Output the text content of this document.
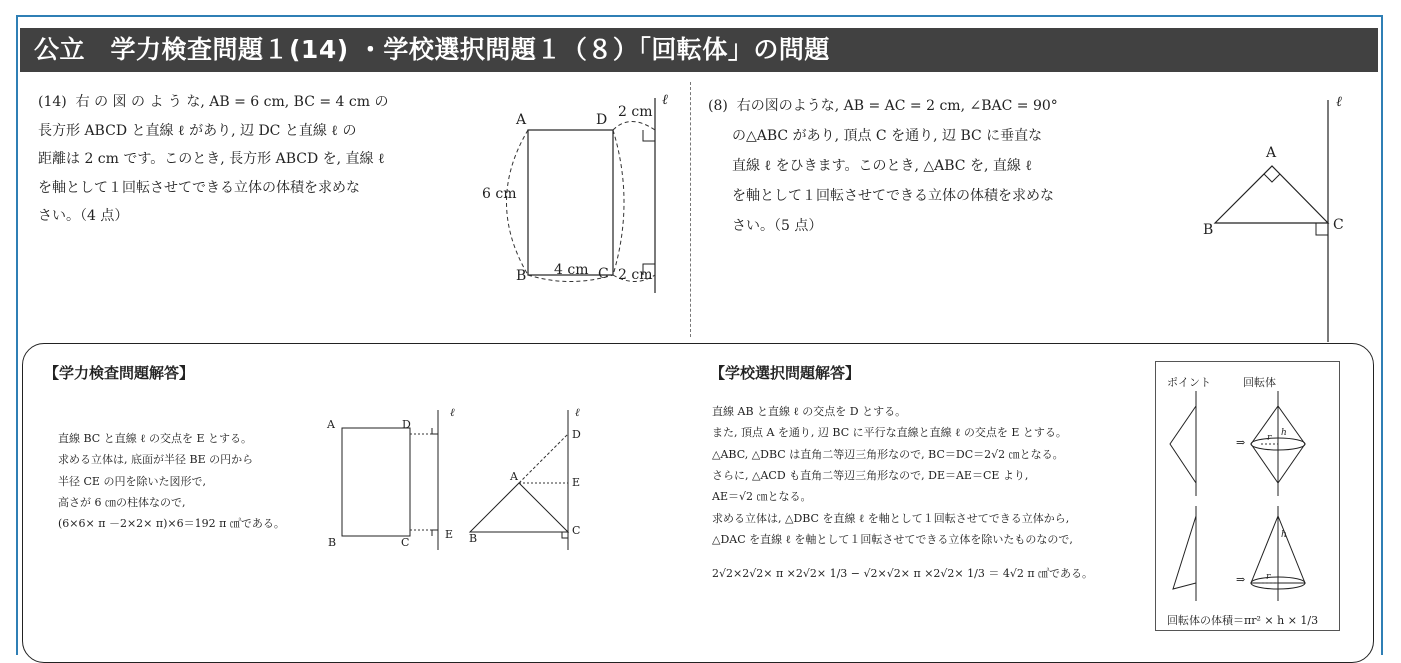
公立　学力検査問題１(14) ・学校選択問題１（８）「回転体」の問題
(14)  右 の 図 の よ う な, AB = 6 cm, BC = 4 cm の
長方形 ABCD と直線 ℓ があり, 辺 DC と直線 ℓ の
距離は 2 cm です。このとき, 長方形 ABCD を, 直線 ℓ
を軸として１回転させてできる立体の体積を求めな
さい。（4 点）
A	D
B	C
ℓ
6 cm
4 cm
2 cm
2 cm
(8)  右の図のような, AB = AC = 2 cm, ∠BAC = 90°
の△ABC があり, 頂点 C を通り, 辺 BC に垂直な
直線 ℓ をひきます。このとき, △ABC を, 直線 ℓ
を軸として１回転させてできる立体の体積を求めな
さい。（5 点）
A
B	C
ℓ
【学力検査問題解答】
直線 BC と直線 ℓ の交点を E とする。
求める立体は, 底面が半径 BE の円から
半径 CE の円を除いた図形で,
高さが 6 ㎝の柱体なので,
(6×6× π －2×2× π)×6＝192 π ㎤である。
A	D
B	C
E
ℓ
A
B
C
D
E
ℓ
【学校選択問題解答】
直線 AB と直線 ℓ の交点を D とする。
また, 頂点 A を通り, 辺 BC に平行な直線と直線 ℓ の交点を E とする。
△ABC, △DBC は直角二等辺三角形なので, BC＝DC＝2√2 ㎝となる。
さらに, △ACD も直角二等辺三角形なので, DE＝AE＝CE より,
AE＝√2 ㎝となる。
求める立体は, △DBC を直線 ℓ を軸として１回転させてできる立体から,
△DAC を直線 ℓ を軸として１回転させてできる立体を除いたものなので,
2√2×2√2× π ×2√2× 1/3 − √2×√2× π ×2√2× 1/3 ＝ 4√2 π ㎤である。
ポイント	回転体
⇒
⇒
r h
r
h
回転体の体積＝πr² × h × 1/3
